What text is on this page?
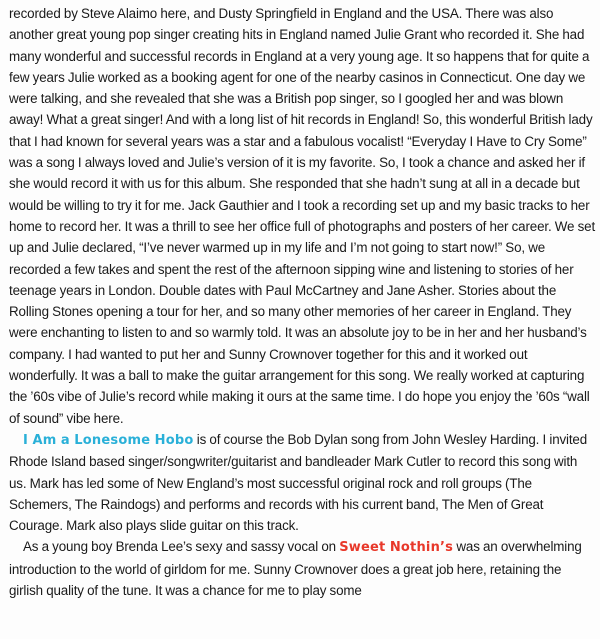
recorded by Steve Alaimo here, and Dusty Springfield in England and the USA. There was also another great young pop singer creating hits in England named Julie Grant who recorded it. She had many wonderful and successful records in England at a very young age. It so happens that for quite a few years Julie worked as a booking agent for one of the nearby casinos in Connecticut. One day we were talking, and she revealed that she was a British pop singer, so I googled her and was blown away! What a great singer! And with a long list of hit records in England! So, this wonderful British lady that I had known for several years was a star and a fabulous vocalist! “Everyday I Have to Cry Some” was a song I always loved and Julie’s version of it is my favorite. So, I took a chance and asked her if she would record it with us for this album. She responded that she hadn’t sung at all in a decade but would be willing to try it for me. Jack Gauthier and I took a recording set up and my basic tracks to her home to record her. It was a thrill to see her office full of photographs and posters of her career. We set up and Julie declared, “I’ve never warmed up in my life and I’m not going to start now!” So, we recorded a few takes and spent the rest of the afternoon sipping wine and listening to stories of her teenage years in London. Double dates with Paul McCartney and Jane Asher. Stories about the Rolling Stones opening a tour for her, and so many other memories of her career in England. They were enchanting to listen to and so warmly told. It was an absolute joy to be in her and her husband’s company. I had wanted to put her and Sunny Crownover together for this and it worked out wonderfully. It was a ball to make the guitar arrangement for this song. We really worked at capturing the ’60s vibe of Julie’s record while making it ours at the same time. I do hope you enjoy the ’60s “wall of sound” vibe here.

I Am a Lonesome Hobo is of course the Bob Dylan song from John Wesley Harding. I invited Rhode Island based singer/songwriter/guitarist and bandleader Mark Cutler to record this song with us. Mark has led some of New England’s most successful original rock and roll groups (The Schemers, The Raindogs) and performs and records with his current band, The Men of Great Courage. Mark also plays slide guitar on this track.

As a young boy Brenda Lee’s sexy and sassy vocal on Sweet Nothin’s was an overwhelming introduction to the world of girldom for me. Sunny Crownover does a great job here, retaining the girlish quality of the tune. It was a chance for me to play some
